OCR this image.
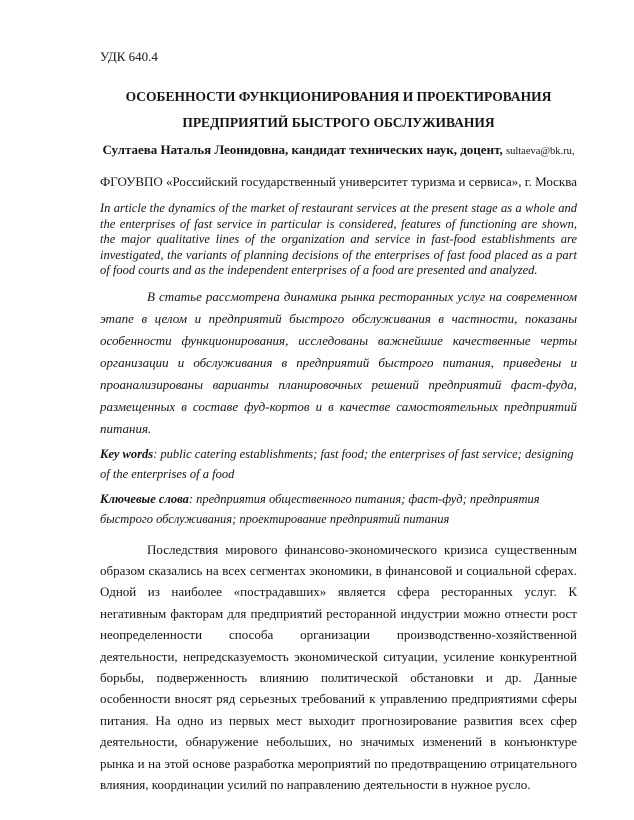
УДК 640.4

ОСОБЕННОСТИ ФУНКЦИОНИРОВАНИЯ И ПРОЕКТИРОВАНИЯ
ПРЕДПРИЯТИЙ БЫСТРОГО ОБСЛУЖИВАНИЯ

Султаева Наталья Леонидовна, кандидат технических наук, доцент, sultaeva@bk.ru,

ФГОУВПО «Российский государственный университет туризма и сервиса», г. Москва

In article the dynamics of the market of restaurant services at the present stage as a whole and the enterprises of fast service in particular is considered, features of functioning are shown, the major qualitative lines of the organization and service in fast-food establishments are investigated, the variants of planning decisions of the enterprises of fast food placed as a part of food courts and as the independent enterprises of a food are presented and analyzed.

В статье рассмотрена динамика рынка ресторанных услуг на современном этапе в целом и предприятий быстрого обслуживания в частности, показаны особенности функционирования, исследованы важнейшие качественные черты организации и обслуживания в предприятий быстрого питания, приведены и проанализированы варианты планировочных решений предприятий фаст-фуда, размещенных в составе фуд-кортов и в качестве самостоятельных предприятий питания.

Key words: public catering establishments; fast food; the enterprises of fast service; designing of the enterprises of a food

Ключевые слова: предприятия общественного питания; фаст-фуд; предприятия быстрого обслуживания; проектирование предприятий питания

Последствия мирового финансово-экономического кризиса существенным образом сказались на всех сегментах экономики, в финансовой и социальной сферах. Одной из наиболее «пострадавших» является сфера ресторанных услуг. К негативным факторам для предприятий ресторанной индустрии можно отнести рост неопределенности способа организации производственно-хозяйственной деятельности, непредсказуемость экономической ситуации, усиление конкурентной борьбы, подверженность влиянию политической обстановки и др. Данные особенности вносят ряд серьезных требований к управлению предприятиями сферы питания. На одно из первых мест выходит прогнозирование развития всех сфер деятельности, обнаружение небольших, но значимых изменений в конъюнктуре рынка и на этой основе разработка мероприятий по предотвращению отрицательного влияния, координации усилий по направлению деятельности в нужное русло.
